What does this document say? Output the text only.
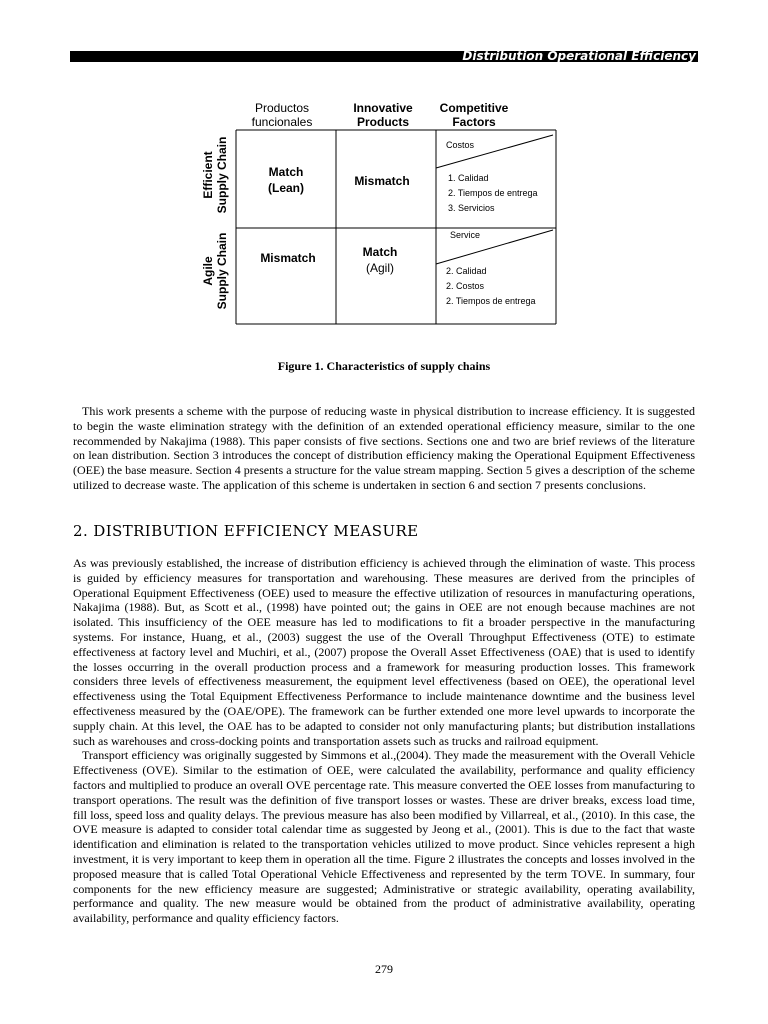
Distribution Operational Efficiency
Productos
funcionales
Innovative
Products
Competitive
Factors
Efficient Supply Chain
Agile Supply Chain
Match
(Lean)	Mismatch
Mismatch	Match
(Agil)
Costos
1. Calidad
2. Tiempos de entrega
3. Servicios
Service
2. Calidad
2. Costos
2. Tiempos de entrega
Figure 1. Characteristics of supply chains

This work presents a scheme with the purpose of reducing waste in physical distribution to increase efficiency. It is suggested to begin the waste elimination strategy with the definition of an extended operational efficiency measure, similar to the one recommended by Nakajima (1988). This paper consists of five sections. Sections one and two are brief reviews of the literature on lean distribution. Section 3 introduces the concept of distribution efficiency making the Operational Equipment Effectiveness (OEE) the base measure. Section 4 presents a structure for the value stream mapping. Section 5 gives a description of the scheme utilized to decrease waste. The application of this scheme is undertaken in section 6 and section 7 presents conclusions.

2. DISTRIBUTION EFFICIENCY MEASURE

As was previously established, the increase of distribution efficiency is achieved through the elimination of waste. This process is guided by efficiency measures for transportation and warehousing. These measures are derived from the principles of Operational Equipment Effectiveness (OEE) used to measure the effective utilization of resources in manufacturing operations, Nakajima (1988). But, as Scott et al., (1998) have pointed out; the gains in OEE are not enough because machines are not isolated. This insufficiency of the OEE measure has led to modifications to fit a broader perspective in the manufacturing systems. For instance, Huang, et al., (2003) suggest the use of the Overall Throughput Effectiveness (OTE) to estimate effectiveness at factory level and Muchiri, et al., (2007) propose the Overall Asset Effectiveness (OAE) that is used to identify the losses occurring in the overall production process and a framework for measuring production losses. This framework considers three levels of effectiveness measurement, the equipment level effectiveness (based on OEE), the operational level effectiveness using the Total Equipment Effectiveness Performance to include maintenance downtime and the business level effectiveness measured by the (OAE/OPE). The framework can be further extended one more level upwards to incorporate the supply chain. At this level, the OAE has to be adapted to consider not only manufacturing plants; but distribution installations such as warehouses and cross-docking points and transportation assets such as trucks and railroad equipment.

Transport efficiency was originally suggested by Simmons et al.,(2004). They made the measurement with the Overall Vehicle Effectiveness (OVE). Similar to the estimation of OEE, were calculated the availability, performance and quality efficiency factors and multiplied to produce an overall OVE percentage rate. This measure converted the OEE losses from manufacturing to transport operations. The result was the definition of five transport losses or wastes. These are driver breaks, excess load time, fill loss, speed loss and quality delays. The previous measure has also been modified by Villarreal, et al., (2010). In this case, the OVE measure is adapted to consider total calendar time as suggested by Jeong et al., (2001). This is due to the fact that waste identification and elimination is related to the transportation vehicles utilized to move product. Since vehicles represent a high investment, it is very important to keep them in operation all the time. Figure 2 illustrates the concepts and losses involved in the proposed measure that is called Total Operational Vehicle Effectiveness and represented by the term TOVE. In summary, four components for the new efficiency measure are suggested; Administrative or strategic availability, operating availability, performance and quality. The new measure would be obtained from the product of administrative availability, operating availability, performance and quality efficiency factors.

279
